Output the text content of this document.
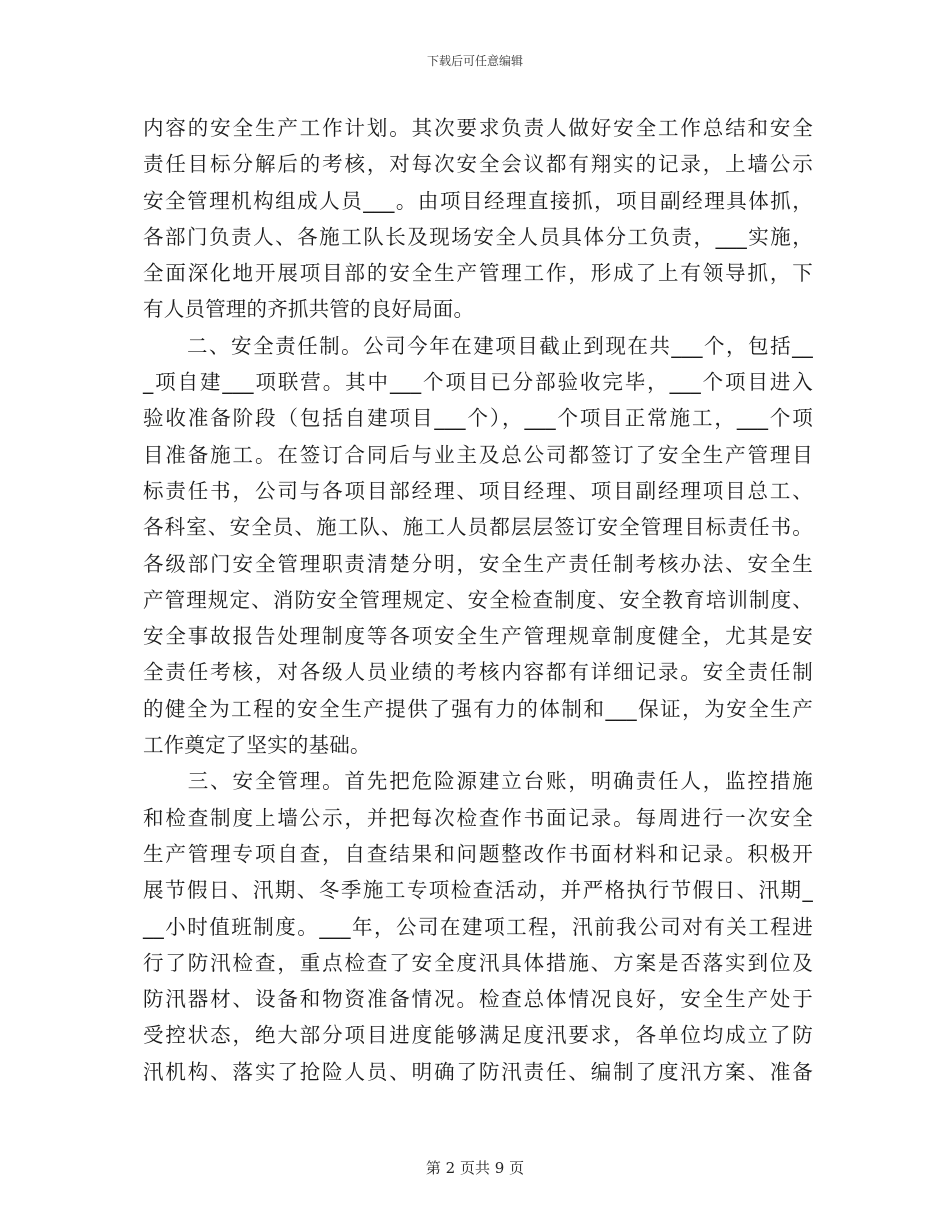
下载后可任意编辑
内容的安全生产工作计划。其次要求负责人做好安全工作总结和安全
责任目标分解后的考核，对每次安全会议都有翔实的记录，上墙公示
安全管理机构组成人员___。由项目经理直接抓，项目副经理具体抓，
各部门负责人、各施工队长及现场安全人员具体分工负责，___实施，
全面深化地开展项目部的安全生产管理工作，形成了上有领导抓，下
有人员管理的齐抓共管的良好局面。
　　二、安全责任制。公司今年在建项目截止到现在共___个，包括__
_项自建___项联营。其中___个项目已分部验收完毕，___个项目进入
验收准备阶段（包括自建项目___个），___个项目正常施工，___个项
目准备施工。在签订合同后与业主及总公司都签订了安全生产管理目
标责任书，公司与各项目部经理、项目经理、项目副经理项目总工、
各科室、安全员、施工队、施工人员都层层签订安全管理目标责任书。
各级部门安全管理职责清楚分明，安全生产责任制考核办法、安全生
产管理规定、消防安全管理规定、安全检查制度、安全教育培训制度、
安全事故报告处理制度等各项安全生产管理规章制度健全，尤其是安
全责任考核，对各级人员业绩的考核内容都有详细记录。安全责任制
的健全为工程的安全生产提供了强有力的体制和___保证，为安全生产
工作奠定了坚实的基础。
　　三、安全管理。首先把危险源建立台账，明确责任人，监控措施
和检查制度上墙公示，并把每次检查作书面记录。每周进行一次安全
生产管理专项自查，自查结果和问题整改作书面材料和记录。积极开
展节假日、汛期、冬季施工专项检查活动，并严格执行节假日、汛期_
__小时值班制度。___年，公司在建项工程，汛前我公司对有关工程进
行了防汛检查，重点检查了安全度汛具体措施、方案是否落实到位及
防汛器材、设备和物资准备情况。检查总体情况良好，安全生产处于
受控状态，绝大部分项目进度能够满足度汛要求，各单位均成立了防
汛机构、落实了抢险人员、明确了防汛责任、编制了度汛方案、准备
第 2 页共 9 页
